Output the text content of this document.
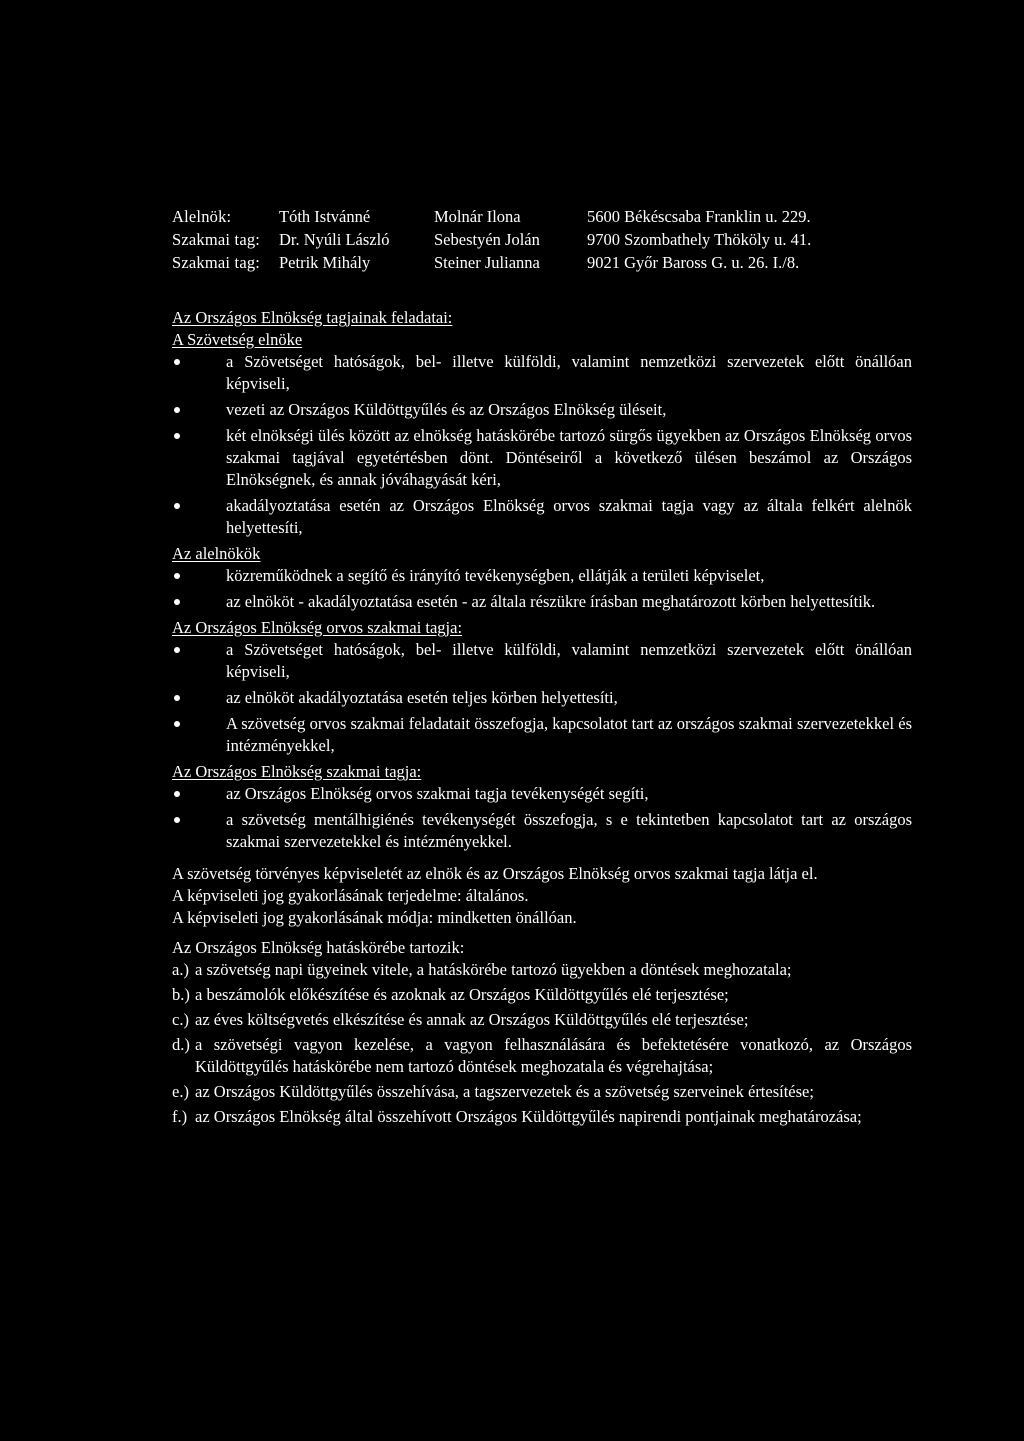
Alelnök:	Tóth Istvánné	Molnár Ilona	5600 Békéscsaba Franklin u. 229.
Szakmai tag:	Dr. Nyúli László	Sebestyén Jolán	9700 Szombathely Thököly u. 41.
Szakmai tag:	Petrik Mihály	Steiner Julianna	9021 Győr Baross G. u. 26. I./8.
Az Országos Elnökség tagjainak feladatai:
A Szövetség elnöke
a Szövetséget hatóságok, bel- illetve külföldi, valamint nemzetközi szervezetek előtt önállóan képviseli,
vezeti az Országos Küldöttgyűlés és az Országos Elnökség üléseit,
két elnökségi ülés között az elnökség hatáskörébe tartozó sürgős ügyekben az Országos Elnökség orvos szakmai tagjával egyetértésben dönt. Döntéseiről a következő ülésen beszámol az Országos Elnökségnek, és annak jóváhagyását kéri,
akadályoztatása esetén az Országos Elnökség orvos szakmai tagja vagy az általa felkért alelnök helyettesíti,
Az alelnökök
közreműködnek a segítő és irányító tevékenységben, ellátják a területi képviselet,
az elnököt - akadályoztatása esetén - az általa részükre írásban meghatározott körben helyettesítik.
Az Országos Elnökség orvos szakmai tagja:
a Szövetséget hatóságok, bel- illetve külföldi, valamint nemzetközi szervezetek előtt önállóan képviseli,
az elnököt akadályoztatása esetén teljes körben helyettesíti,
A szövetség orvos szakmai feladatait összefogja, kapcsolatot tart az országos szakmai szervezetekkel és intézményekkel,
Az Országos Elnökség szakmai tagja:
az Országos Elnökség orvos szakmai tagja tevékenységét segíti,
a szövetség mentálhigiénés tevékenységét összefogja, s e tekintetben kapcsolatot tart az országos szakmai szervezetekkel és intézményekkel.

A szövetség törvényes képviseletét az elnök és az Országos Elnökség orvos szakmai tagja látja el.

A képviseleti jog gyakorlásának terjedelme: általános.

A képviseleti jog gyakorlásának módja: mindketten önállóan.

Az Országos Elnökség hatáskörébe tartozik:

a.) a szövetség napi ügyeinek vitele, a hatáskörébe tartozó ügyekben a döntések meghozatala;
b.) a beszámolók előkészítése és azoknak az Országos Küldöttgyűlés elé terjesztése;
c.) az éves költségvetés elkészítése és annak az Országos Küldöttgyűlés elé terjesztése;
d.) a szövetségi vagyon kezelése, a vagyon felhasználására és befektetésére vonatkozó, az Országos Küldöttgyűlés hatáskörébe nem tartozó döntések meghozatala és végrehajtása;
e.) az Országos Küldöttgyűlés összehívása, a tagszervezetek és a szövetség szerveinek értesítése;
f.) az Országos Elnökség által összehívott Országos Küldöttgyűlés napirendi pontjainak meghatározása;
